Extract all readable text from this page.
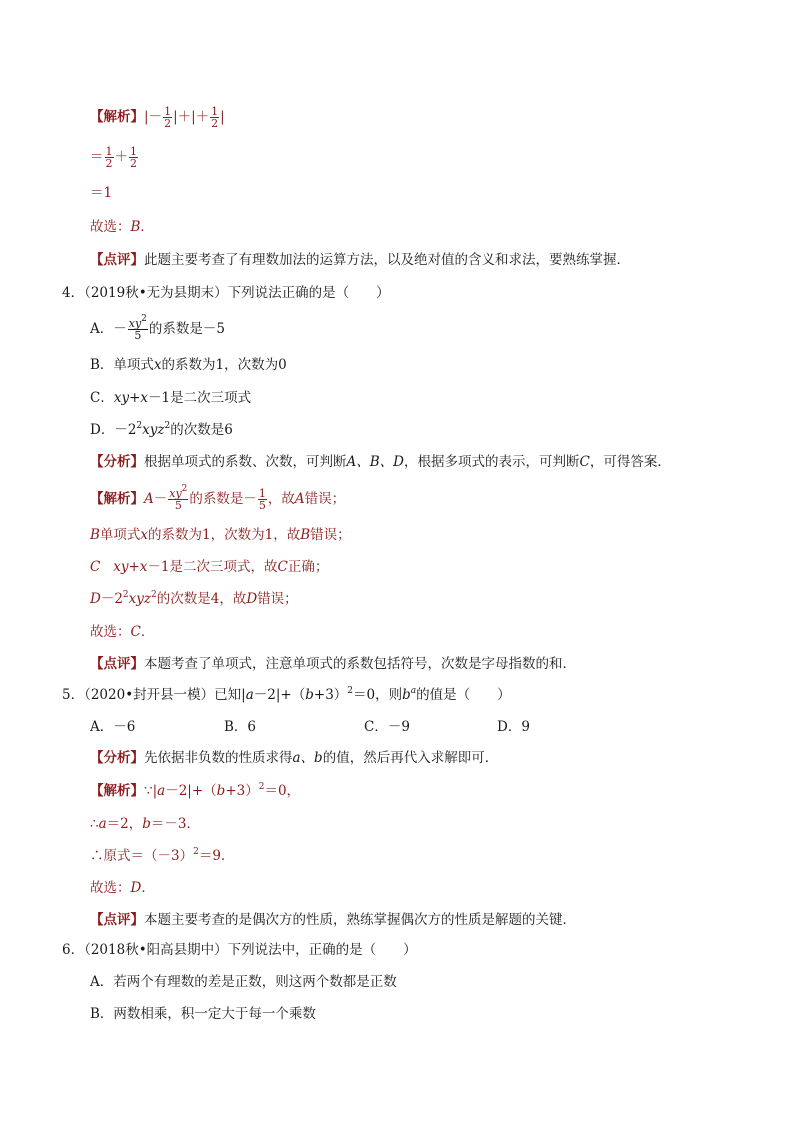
【解析】|－ $\frac{1}{2}$ |＋|＋ $\frac{1}{2}$ |
＝ $\frac{1}{2} + \frac{1}{2}$
＝1
故选：B．
【点评】此题主要考查了有理数加法的运算方法，以及绝对值的含义和求法，要熟练掌握．
4．（2019秋•无为县期末）下列说法正确的是（　　）
A．－ $\frac{xy^2}{5}$ 的系数是－5
B．单项式x的系数为1，次数为0
C．xy+x－1是二次三项式
D．$-2^2xyz^2$的次数是6
【分析】根据单项式的系数、次数，可判断A、B、D，根据多项式的表示，可判断C，可得答案．
【解析】$A- \frac{xy^2}{5}$ 的系数是－ $\frac{1}{5}$ ，故A错误；
B单项式x的系数为1，次数为1，故B错误；
C xy+x－1是二次三项式，故C正确；
$D-2^2xyz^2$的次数是4，故D错误；
故选：C．
【点评】本题考查了单项式，注意单项式的系数包括符号，次数是字母指数的和．
5．（2020•封开县一模）已知$|a-2|+(b+3)^2=0$，则$b^a$的值是（　　）
A．－6	B．6	C．－9	D．9
【分析】先依据非负数的性质求得a、b的值，然后再代入求解即可．
【解析】$\because|a-2|+(b+3)^2=0$，
∴a＝2，b＝－3．
∴原式$=(-3)^2=9$．
故选：D．
【点评】本题主要考查的是偶次方的性质，熟练掌握偶次方的性质是解题的关键．
6．（2018秋•阳高县期中）下列说法中，正确的是（　　）
A．若两个有理数的差是正数，则这两个数都是正数
B．两数相乘，积一定大于每一个乘数
